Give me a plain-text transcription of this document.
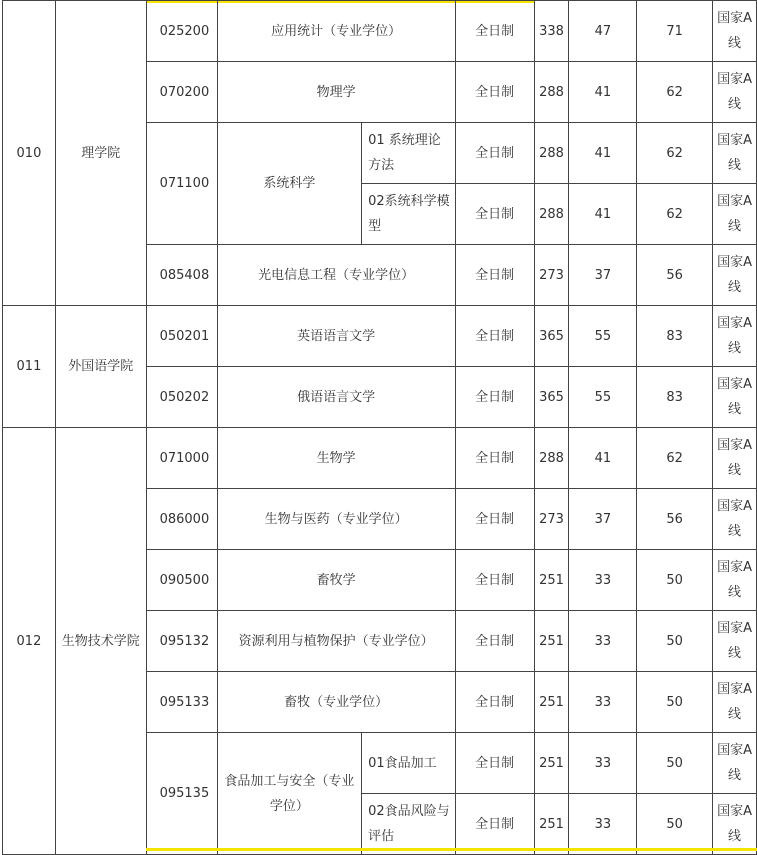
010	理学院	025200	应用统计（专业学位）		全日制	338	47	71	国家A线
		070200	物理学		全日制	288	41	62	国家A线
		071100	系统科学	01 系统理论方法	全日制	288	41	62	国家A线
				02系统科学模型	全日制	288	41	62	国家A线
		085408	光电信息工程（专业学位）		全日制	273	37	56	国家A线
011	外国语学院	050201	英语语言文学		全日制	365	55	83	国家A线
		050202	俄语语言文学		全日制	365	55	83	国家A线
012	生物技术学院	071000	生物学		全日制	288	41	62	国家A线
		086000	生物与医药（专业学位）		全日制	273	37	56	国家A线
		090500	畜牧学		全日制	251	33	50	国家A线
		095132	资源利用与植物保护（专业学位）		全日制	251	33	50	国家A线
		095133	畜牧（专业学位）		全日制	251	33	50	国家A线
		095135	食品加工与安全（专业学位）	01食品加工	全日制	251	33	50	国家A线
				02食品风险与评估	全日制	251	33	50	国家A线
